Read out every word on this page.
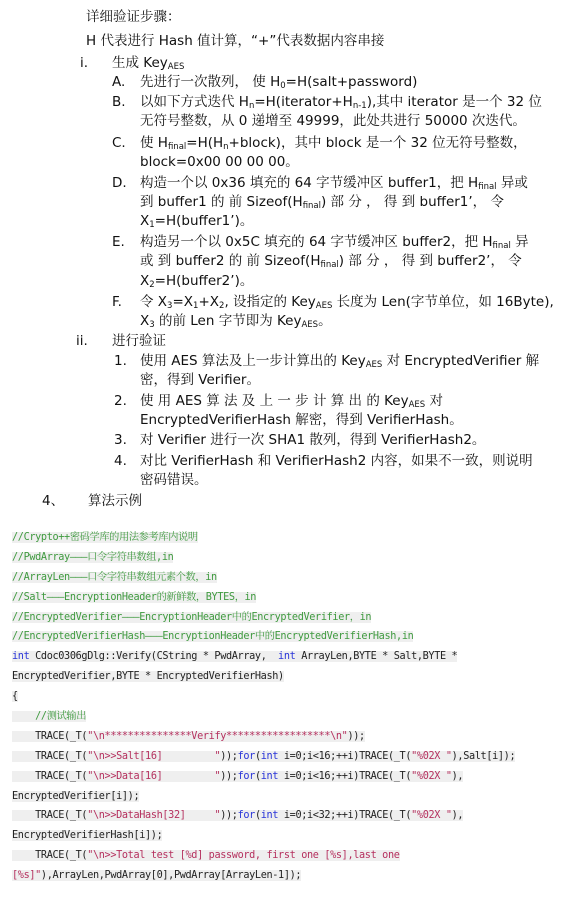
详细验证步骤：
H 代表进行 Hash 值计算，“+”代表数据内容串接
i. 生成 Key$_{AES}$
A. 先进行一次散列， 使 $H_0=H(salt+password)$
B. 以如下方式迭代 $H_n=H(iterator+H_{n-1})$,其中 iterator 是一个 32 位
无符号整数，从 0 递增至 49999，此处共进行 50000 次迭代。
C. 使 $H_{final}=H(H_n+block)$，其中 block 是一个 32 位无符号整数，
block=0x00 00 00 00。
D. 构造一个以 0x36 填充的 64 字节缓冲区 buffer1，把 $H_{final}$ 异或
到 buffer1 的 前 $Sizeof(H_{final})$ 部 分 ， 得 到 buffer1’， 令
$X_1=H(buffer1’)$。
E. 构造另一个以 0x5C 填充的 64 字节缓冲区 buffer2，把 $H_{final}$ 异
或 到 buffer2 的 前 $Sizeof(H_{final})$ 部 分 ， 得 到 buffer2’， 令
$X_2=H(buffer2’)$。
F. 令 $X_3=X_1+X_2$, 设指定的 Key$_{AES}$ 长度为 Len(字节单位，如 16Byte),
$X_3$ 的前 Len 字节即为 Key$_{AES}$。
ii. 进行验证
1. 使用 AES 算法及上一步计算出的 Key$_{AES}$ 对 EncryptedVerifier 解
密，得到 Verifier。
2. 使 用 AES 算 法 及 上 一 步 计 算 出 的 Key$_{AES}$ 对
EncryptedVerifierHash 解密，得到 VerifierHash。
3. 对 Verifier 进行一次 SHA1 散列，得到 VerifierHash2。
4. 对比 VerifierHash 和 VerifierHash2 内容，如果不一致，则说明
密码错误。
4、 算法示例
//Crypto++密码学库的用法参考库内说明
//PwdArray———口令字符串数组,in
//ArrayLen———口令字符串数组元素个数，in
//Salt———EncryptionHeader的新鲜数，BYTES，in
//EncryptedVerifier———EncryptionHeader中的EncryptedVerifier，in
//EncryptedVerifierHash———EncryptionHeader中的EncryptedVerifierHash,in
int Cdoc0306gDlg::Verify(CString * PwdArray,  int ArrayLen,BYTE * Salt,BYTE *
EncryptedVerifier,BYTE * EncryptedVerifierHash)
{
//测试输出
TRACE(_T("\n***************Verify******************\n"));
TRACE(_T("\n>>Salt[16]         "));for(int i=0;i<16;++i)TRACE(_T("%02X "),Salt[i]);
TRACE(_T("\n>>Data[16]         "));for(int i=0;i<16;++i)TRACE(_T("%02X "),
EncryptedVerifier[i]);
TRACE(_T("\n>>DataHash[32]     "));for(int i=0;i<32;++i)TRACE(_T("%02X "),
EncryptedVerifierHash[i]);
TRACE(_T("\n>>Total test [%d] password, first one [%s],last one
[%s]"),ArrayLen,PwdArray[0],PwdArray[ArrayLen-1]);
